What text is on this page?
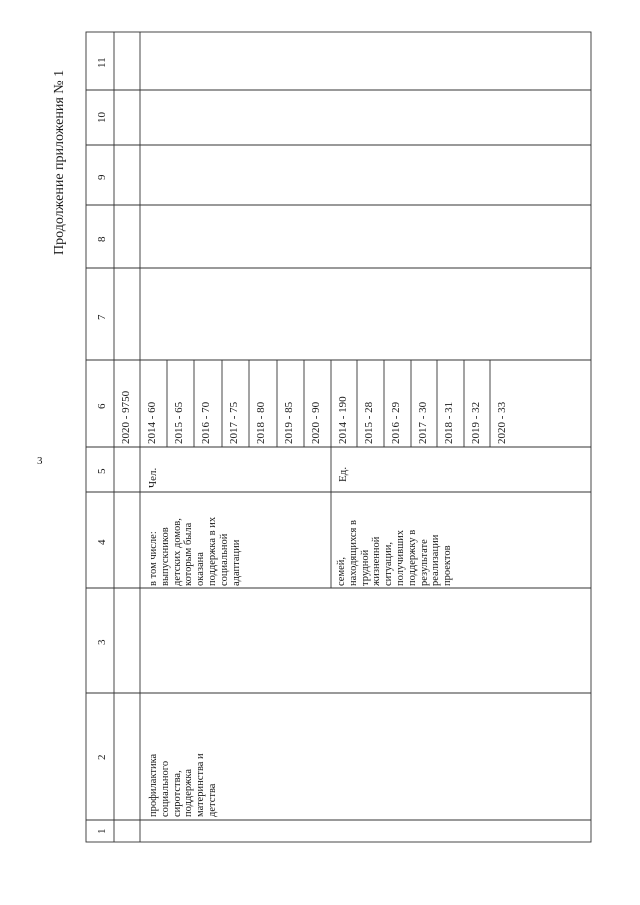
3
Продолжение приложения № 1
1
2
3
4
5
6
7
8
9
10
11
2020 - 9750
профилактика социального сиротства, поддержка материнства и детства
в том числе: выпускников детских домов, которым была оказана поддержка в их социальной адаптации
Чел.
2014 - 60 2015 - 65 2016 - 70 2017 - 75 2018 - 80 2019 - 85 2020 - 90
семей, находящихся в трудной жизненной ситуации, получивших поддержку в результате реализации проектов
Ед.
2014 - 190 2015 - 28 2016 - 29 2017 - 30 2018 - 31 2019 - 32 2020 - 33
